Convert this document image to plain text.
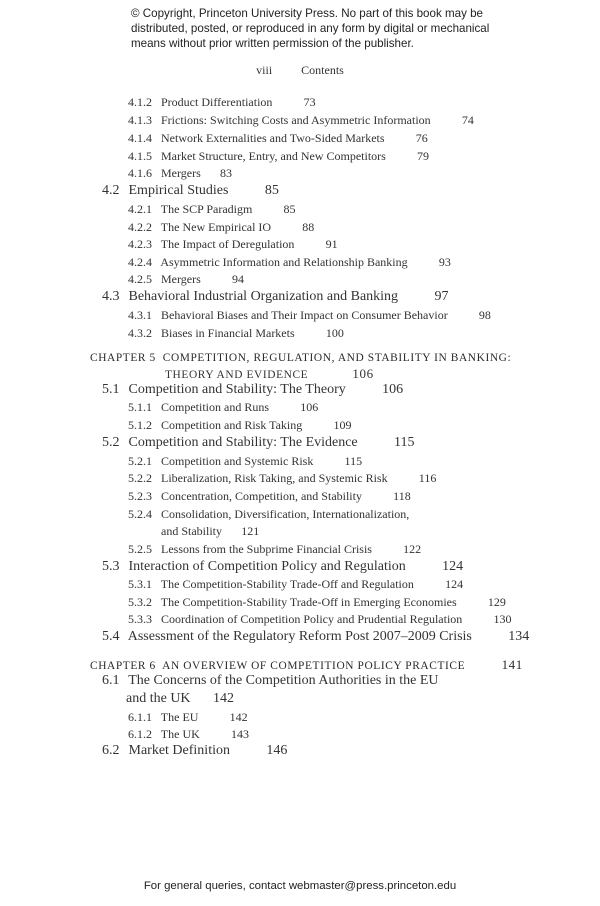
© Copyright, Princeton University Press. No part of this book may be distributed, posted, or reproduced in any form by digital or mechanical means without prior written permission of the publisher.
viii Contents
4.1.2 Product Differentiation	73
4.1.3 Frictions: Switching Costs and Asymmetric Information	74
4.1.4 Network Externalities and Two-Sided Markets	76
4.1.5 Market Structure, Entry, and New Competitors	79
4.1.6 Mergers 83
4.2 Empirical Studies	85
4.2.1 The SCP Paradigm	85
4.2.2 The New Empirical IO	88
4.2.3 The Impact of Deregulation	91
4.2.4 Asymmetric Information and Relationship Banking	93
4.2.5 Mergers	94
4.3 Behavioral Industrial Organization and Banking	97
4.3.1 Behavioral Biases and Their Impact on Consumer Behavior	98
4.3.2 Biases in Financial Markets	100
CHAPTER 5 COMPETITION, REGULATION, AND STABILITY IN BANKING:
THEORY AND EVIDENCE	106
5.1 Competition and Stability: The Theory	106
5.1.1 Competition and Runs	106
5.1.2 Competition and Risk Taking	109
5.2 Competition and Stability: The Evidence	115
5.2.1 Competition and Systemic Risk	115
5.2.2 Liberalization, Risk Taking, and Systemic Risk	116
5.2.3 Concentration, Competition, and Stability	118
5.2.4 Consolidation, Diversification, Internationalization,
and Stability 121
5.2.5 Lessons from the Subprime Financial Crisis	122
5.3 Interaction of Competition Policy and Regulation	124
5.3.1 The Competition-Stability Trade-Off and Regulation	124
5.3.2 The Competition-Stability Trade-Off in Emerging Economies	129
5.3.3 Coordination of Competition Policy and Prudential Regulation	130
5.4 Assessment of the Regulatory Reform Post 2007–2009 Crisis	134
CHAPTER 6 AN OVERVIEW OF COMPETITION POLICY PRACTICE	141
6.1 The Concerns of the Competition Authorities in the EU
and the UK 142
6.1.1 The EU	142
6.1.2 The UK	143
6.2 Market Definition	146
For general queries, contact webmaster@press.princeton.edu
